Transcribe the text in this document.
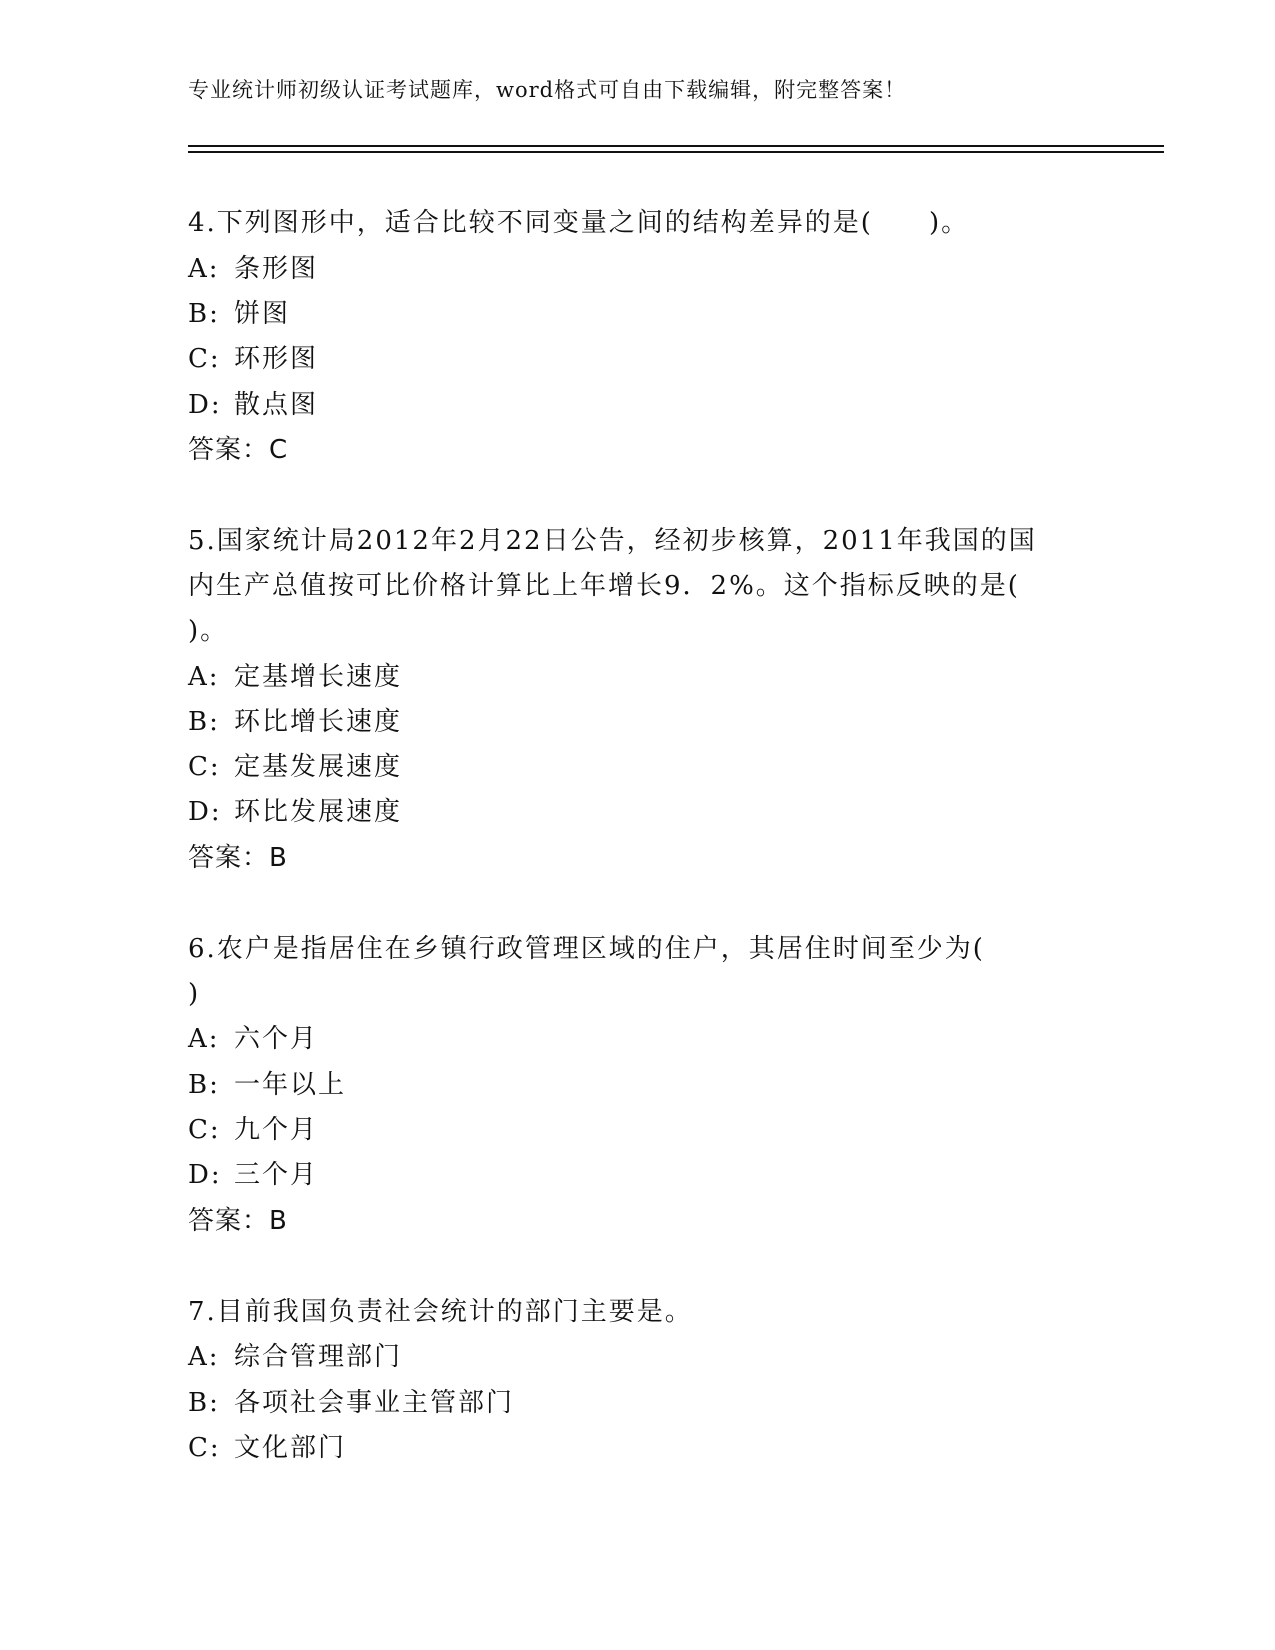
专业统计师初级认证考试题库，word格式可自由下载编辑，附完整答案！
4.下列图形中，适合比较不同变量之间的结构差异的是(　　)。
A: 条形图
B: 饼图
C: 环形图
D: 散点图
答案：C
5.国家统计局2012年2月22日公告，经初步核算，2011年我国的国
内生产总值按可比价格计算比上年增长9．2%。这个指标反映的是(
)。
A: 定基增长速度
B: 环比增长速度
C: 定基发展速度
D: 环比发展速度
答案：B
6.农户是指居住在乡镇行政管理区域的住户，其居住时间至少为(
)
A: 六个月
B: 一年以上
C: 九个月
D: 三个月
答案：B
7.目前我国负责社会统计的部门主要是。
A: 综合管理部门
B: 各项社会事业主管部门
C: 文化部门
